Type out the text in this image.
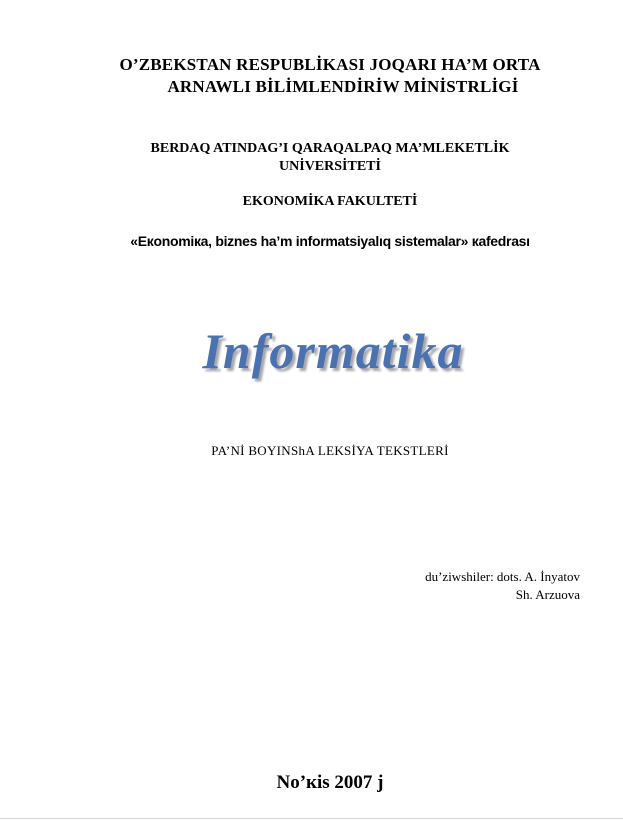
O’ZBEKSTAN RESPUBLİKASI JOQARI HA’M ORTA
ARNAWLI BİLİMLENDİRİW MİNİSTRLİGİ
BERDAQ ATINDAG’I QARAQALPAQ MA’MLEKETLİK
UNİVERSİTETİ
EKONOMİKA FAKULTETİ
«Eкonomiкa, biznes ha’m informatsiyalıq sistemalar» кafedrası
Informatika
PA’Nİ BOYINShA LEKSİYA TEKSTLERİ
du’ziwshiler: dots. A. İnyatov
Sh. Arzuova
No’кis 2007 j
